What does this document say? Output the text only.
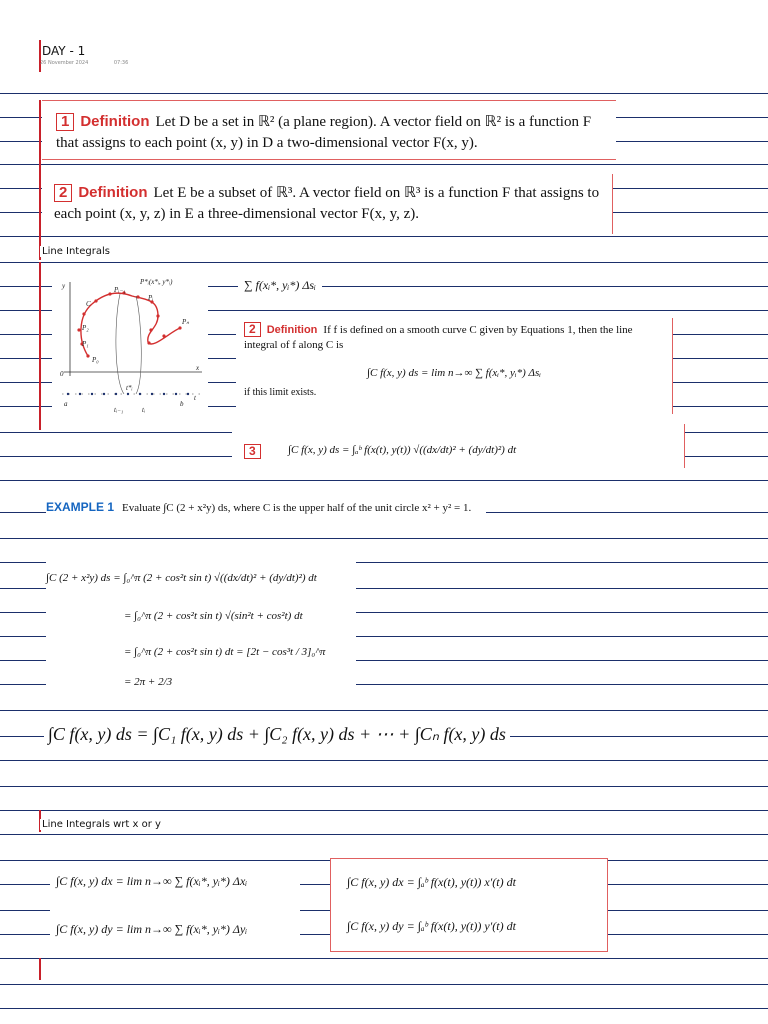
DAY - 1
26 November 2024	07:36
1 Definition Let D be a set in ℝ² (a plane region). A vector field on ℝ² is a function F that assigns to each point (x, y) in D a two-dimensional vector F(x, y).
2 Definition Let E be a subset of ℝ³. A vector field on ℝ³ is a function F that assigns to each point (x, y, z) in E a three-dimensional vector F(x, y, z).
Line Integrals
y	P*ᵢ(x*ᵢ, y*ᵢ)
Pᵢ₋₁
Pᵢ
C
P₂
P₁
P₀
Pₙ
0
x
a
tᵢ₋₁
t*ᵢ
tᵢ
b
t
∑ f(xᵢ*, yᵢ*) Δsᵢ
2 Definition If f is defined on a smooth curve C given by Equations 1, then the line integral of f along C is
∫C f(x, y) ds = lim n→∞ ∑ f(xᵢ*, yᵢ*) Δsᵢ
if this limit exists.
3	∫C f(x, y) ds = ∫ₐᵇ f(x(t), y(t)) √((dx/dt)² + (dy/dt)²) dt
EXAMPLE 1 Evaluate ∫C (2 + x²y) ds, where C is the upper half of the unit circle x² + y² = 1.
∫C (2 + x²y) ds = ∫₀^π (2 + cos²t sin t) √((dx/dt)² + (dy/dt)²) dt
= ∫₀^π (2 + cos²t sin t) √(sin²t + cos²t) dt
= ∫₀^π (2 + cos²t sin t) dt = [2t − cos³t / 3]₀^π
= 2π + 2/3
∫C f(x, y) ds = ∫C₁ f(x, y) ds + ∫C₂ f(x, y) ds + ⋯ + ∫Cₙ f(x, y) ds
Line Integrals wrt x or y
∫C f(x, y) dx = lim n→∞ ∑ f(xᵢ*, yᵢ*) Δxᵢ
∫C f(x, y) dy = lim n→∞ ∑ f(xᵢ*, yᵢ*) Δyᵢ
∫C f(x, y) dx = ∫ₐᵇ f(x(t), y(t)) x′(t) dt
∫C f(x, y) dy = ∫ₐᵇ f(x(t), y(t)) y′(t) dt
